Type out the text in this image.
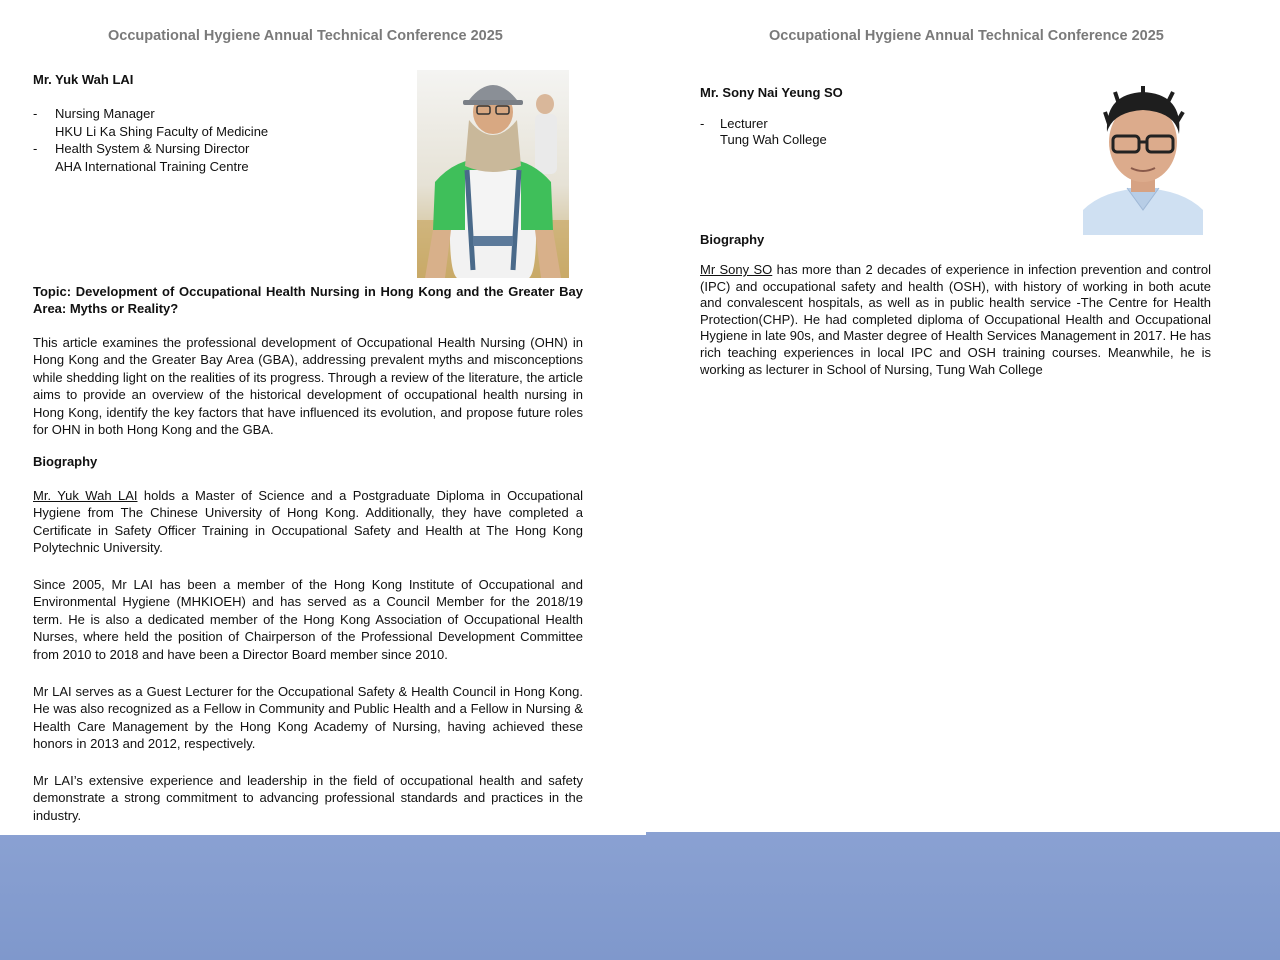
Occupational Hygiene Annual Technical Conference 2025
Mr. Yuk Wah LAI
-	Nursing Manager
HKU Li Ka Shing Faculty of Medicine
-	Health System & Nursing Director
AHA International Training Centre

Topic: Development of Occupational Health Nursing in Hong Kong and the Greater Bay Area: Myths or Reality?

This article examines the professional development of Occupational Health Nursing (OHN) in Hong Kong and the Greater Bay Area (GBA), addressing prevalent myths and misconceptions while shedding light on the realities of its progress. Through a review of the literature, the article aims to provide an overview of the historical development of occupational health nursing in Hong Kong, identify the key factors that have influenced its evolution, and propose future roles for OHN in both Hong Kong and the GBA.

Biography

Mr. Yuk Wah LAI holds a Master of Science and a Postgraduate Diploma in Occupational Hygiene from The Chinese University of Hong Kong. Additionally, they have completed a Certificate in Safety Officer Training in Occupational Safety and Health at The Hong Kong Polytechnic University.

Since 2005, Mr LAI has been a member of the Hong Kong Institute of Occupational and Environmental Hygiene (MHKIOEH) and has served as a Council Member for the 2018/19 term. He is also a dedicated member of the Hong Kong Association of Occupational Health Nurses, where held the position of Chairperson of the Professional Development Committee from 2010 to 2018 and have been a Director Board member since 2010.

Mr LAI serves as a Guest Lecturer for the Occupational Safety & Health Council in Hong Kong. He was also recognized as a Fellow in Community and Public Health and a Fellow in Nursing & Health Care Management by the Hong Kong Academy of Nursing, having achieved these honors in 2013 and 2012, respectively.

Mr LAI’s extensive experience and leadership in the field of occupational health and safety demonstrate a strong commitment to advancing professional standards and practices in the industry.

Occupational Hygiene Annual Technical Conference 2025
Mr. Sony Nai Yeung SO
-	Lecturer
Tung Wah College
Biography

Mr Sony SO has more than 2 decades of experience in infection prevention and control (IPC) and occupational safety and health (OSH), with history of working in both acute and convalescent hospitals, as well as in public health service -The Centre for Health Protection(CHP). He had completed diploma of Occupational Health and Occupational Hygiene in late 90s, and Master degree of Health Services Management in 2017. He has rich teaching experiences in local IPC and OSH training courses. Meanwhile, he is working as lecturer in School of Nursing, Tung Wah College
